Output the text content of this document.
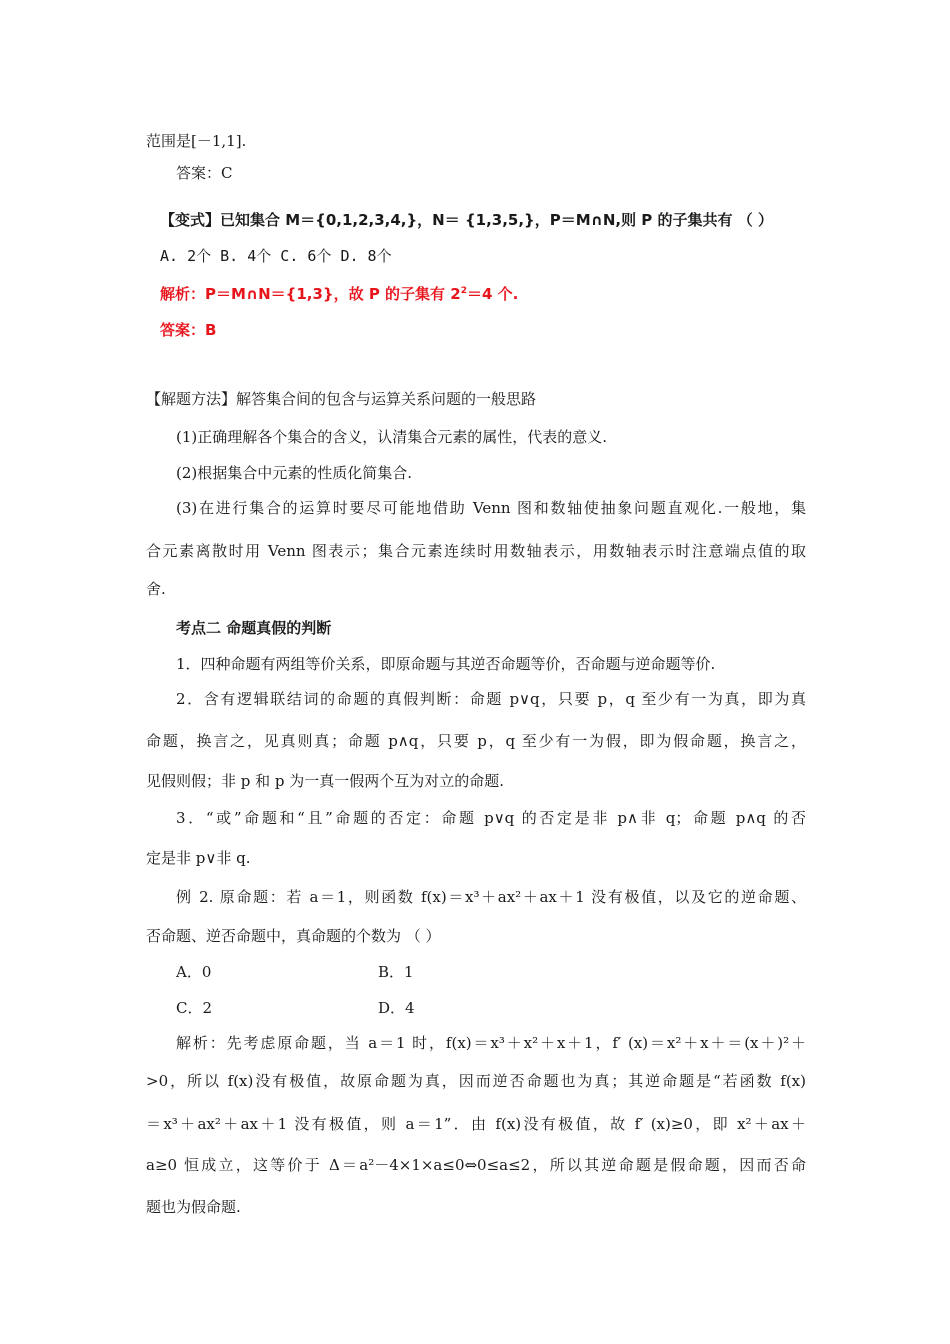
范围是[－1,1].
答案：C
【变式】已知集合 M＝{0,1,2,3,4,}，N＝ {1,3,5,}，P＝M∩N,则 P 的子集共有 （ ）
A. 2个 B. 4个 C. 6个 D. 8个
解析：P＝M∩N＝{1,3}，故 P 的子集有 $2^2=4$ 个.
答案：B
【解题方法】解答集合间的包含与运算关系问题的一般思路
(1)正确理解各个集合的含义，认清集合元素的属性，代表的意义.
(2)根据集合中元素的性质化简集合.
(3)在进行集合的运算时要尽可能地借助 Venn 图和数轴使抽象问题直观化.一般地，集
合元素离散时用 Venn 图表示；集合元素连续时用数轴表示，用数轴表示时注意端点值的取
舍.
考点二 命题真假的判断
1．四种命题有两组等价关系，即原命题与其逆否命题等价，否命题与逆命题等价.
2．含有逻辑联结词的命题的真假判断：命题 p∨q，只要 p，q 至少有一为真，即为真
命题，换言之，见真则真；命题 p∧q，只要 p，q 至少有一为假，即为假命题，换言之，
见假则假；非 p 和 p 为一真一假两个互为对立的命题.
3．“或”命题和“且”命题的否定：命题 p∨q 的否定是非 p∧非 q；命题 p∧q 的否
定是非 p∨非 q.
例 2. 原命题：若 a＝1，则函数 f(x)＝x³＋ax²＋ax＋1 没有极值，以及它的逆命题、
否命题、逆否命题中，真命题的个数为 （ ）
A．0	B．1
C．2	D．4
解析：先考虑原命题，当 a＝1 时，f(x)＝x³＋x²＋x＋1，f′ (x)＝x²＋x＋＝(x＋)²＋
>0，所以 f(x)没有极值，故原命题为真，因而逆否命题也为真；其逆命题是“若函数 f(x)
＝x³＋ax²＋ax＋1 没有极值，则 a＝1”．由 f(x)没有极值，故 f′ (x)≥0，即 x²＋ax＋
a≥0 恒成立，这等价于 Δ＝a²－4×1×a≤0⇔0≤a≤2，所以其逆命题是假命题，因而否命
题也为假命题.
